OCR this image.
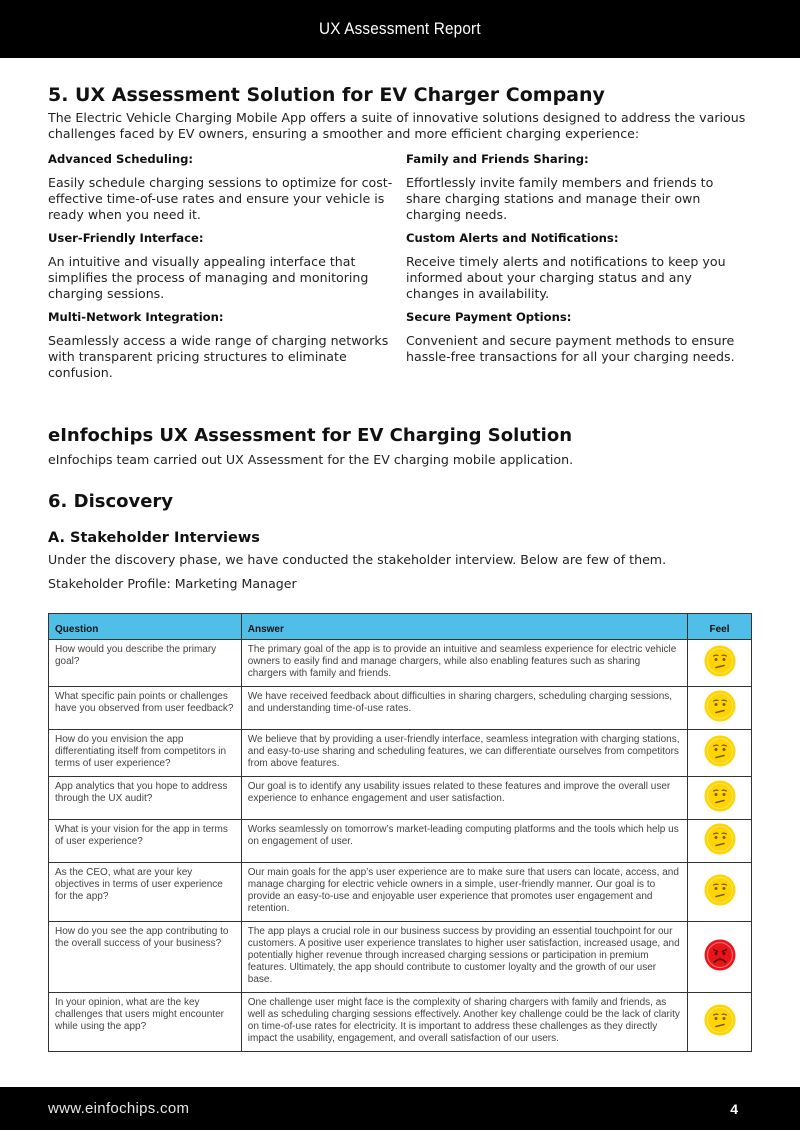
UX Assessment Report
5. UX Assessment Solution for EV Charger Company

The Electric Vehicle Charging Mobile App offers a suite of innovative solutions designed to address the various challenges faced by EV owners, ensuring a smoother and more efficient charging experience:

Advanced Scheduling:

Easily schedule charging sessions to optimize for cost-effective time-of-use rates and ensure your vehicle is ready when you need it.

Family and Friends Sharing:

Effortlessly invite family members and friends to share charging stations and manage their own charging needs.

User-Friendly Interface:

An intuitive and visually appealing interface that simplifies the process of managing and monitoring charging sessions.

Custom Alerts and Notifications:

Receive timely alerts and notifications to keep you informed about your charging status and any changes in availability.

Multi-Network Integration:

Seamlessly access a wide range of charging networks with transparent pricing structures to eliminate confusion.

Secure Payment Options:

Convenient and secure payment methods to ensure hassle-free transactions for all your charging needs.

eInfochips UX Assessment for EV Charging Solution

eInfochips team carried out UX Assessment for the EV charging mobile application.

6. Discovery
A. Stakeholder Interviews

Under the discovery phase, we have conducted the stakeholder interview. Below are few of them.

Stakeholder Profile: Marketing Manager

Question	Answer	Feel
How would you describe the primary goal?	The primary goal of the app is to provide an intuitive and seamless experience for electric vehicle owners to easily find and manage chargers, while also enabling features such as sharing chargers with family and friends.	
What specific pain points or challenges have you observed from user feedback?	We have received feedback about difficulties in sharing chargers, scheduling charging sessions, and understanding time-of-use rates.	
How do you envision the app differentiating itself from competitors in terms of user experience?	We believe that by providing a user-friendly interface, seamless integration with charging stations, and easy-to-use sharing and scheduling features, we can differentiate ourselves from competitors from above features.	
App analytics that you hope to address through the UX audit?	Our goal is to identify any usability issues related to these features and improve the overall user experience to enhance engagement and user satisfaction.	
What is your vision for the app in terms of user experience?	Works seamlessly on tomorrow’s market-leading computing platforms and the tools which help us on engagement of user.	
As the CEO, what are your key objectives in terms of user experience for the app?	Our main goals for the app’s user experience are to make sure that users can locate, access, and manage charging for electric vehicle owners in a simple, user-friendly manner. Our goal is to provide an easy-to-use and enjoyable user experience that promotes user engagement and retention.	
How do you see the app contributing to the overall success of your business?	The app plays a crucial role in our business success by providing an essential touchpoint for our customers. A positive user experience translates to higher user satisfaction, increased usage, and potentially higher revenue through increased charging sessions or participation in premium features. Ultimately, the app should contribute to customer loyalty and the growth of our user base.	
In your opinion, what are the key challenges that users might encounter while using the app?	One challenge user might face is the complexity of sharing chargers with family and friends, as well as scheduling charging sessions effectively. Another key challenge could be the lack of clarity on time-of-use rates for electricity. It is important to address these challenges as they directly impact the usability, engagement, and overall satisfaction of our users.	
www.einfochips.com	4
